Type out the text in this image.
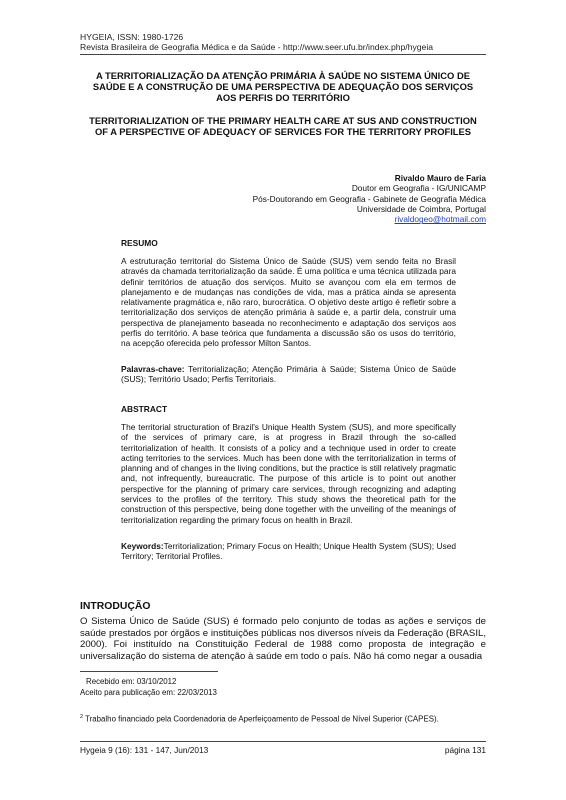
HYGEIA, ISSN: 1980-1726
Revista Brasileira de Geografia Médica e da Saúde - http://www.seer.ufu.br/index.php/hygeia
A TERRITORIALIZAÇÃO DA ATENÇÃO PRIMÁRIA À SAÚDE NO SISTEMA ÚNICO DE
SAÚDE E A CONSTRUÇÃO DE UMA PERSPECTIVA DE ADEQUAÇÃO DOS SERVIÇOS
AOS PERFIS DO TERRITÓRIO
TERRITORIALIZATION OF THE PRIMARY HEALTH CARE AT SUS AND CONSTRUCTION
OF A PERSPECTIVE OF ADEQUACY OF SERVICES FOR THE TERRITORY PROFILES
Rivaldo Mauro de Faria
Doutor em Geografia - IG/UNICAMP
Pós-Doutorando em Geografia - Gabinete de Geografia Médica
Universidade de Coimbra, Portugal
rivaldogeo@hotmail.com
RESUMO

A estruturação territorial do Sistema Único de Saúde (SUS) vem sendo feita no Brasil através da chamada territorialização da saúde. É uma política e uma técnica utilizada para definir territórios de atuação dos serviços. Muito se avançou com ela em termos de planejamento e de mudanças nas condições de vida, mas a prática ainda se apresenta relativamente pragmática e, não raro, burocrática. O objetivo deste artigo é refletir sobre a territorialização dos serviços de atenção primária à saúde e, a partir dela, construir uma perspectiva de planejamento baseada no reconhecimento e adaptação dos serviços aos perfis do território. A base teórica que fundamenta a discussão são os usos do território, na acepção oferecida pelo professor Milton Santos.

Palavras-chave: Territorialização; Atenção Primária à Saúde; Sistema Único de Saúde (SUS); Território Usado; Perfis Territoriais.

ABSTRACT

The territorial structuration of Brazil's Unique Health System (SUS), and more specifically of the services of primary care, is at progress in Brazil through the so-called territorialization of health. It consists of a policy and a technique used in order to create acting territories to the services. Much has been done with the territorialization in terms of planning and of changes in the living conditions, but the practice is still relatively pragmatic and, not infrequently, bureaucratic. The purpose of this article is to point out another perspective for the planning of primary care services, through recognizing and adapting services to the profiles of the territory. This study shows the theoretical path for the construction of this perspective, being done together with the unveiling of the meanings of territorialization regarding the primary focus on health in Brazil.

Keywords:Territorialization; Primary Focus on Health; Unique Health System (SUS); Used Territory; Territorial Profiles.

INTRODUÇÃO

O Sistema Único de Saúde (SUS) é formado pelo conjunto de todas as ações e serviços de saúde prestados por órgãos e instituições públicas nos diversos níveis da Federação (BRASIL, 2000). Foi instituído na Constituição Federal de 1988 como proposta de integração e universalização do sistema de atenção à saúde em todo o país. Não há como negar a ousadia

Recebido em: 03/10/2012
Aceito para publicação em: 22/03/2013
$^2$ Trabalho financiado pela Coordenadoria de Aperfeiçoamento de Pessoal de Nível Superior (CAPES).
Hygeia 9 (16): 131 - 147, Jun/2013	página 131
